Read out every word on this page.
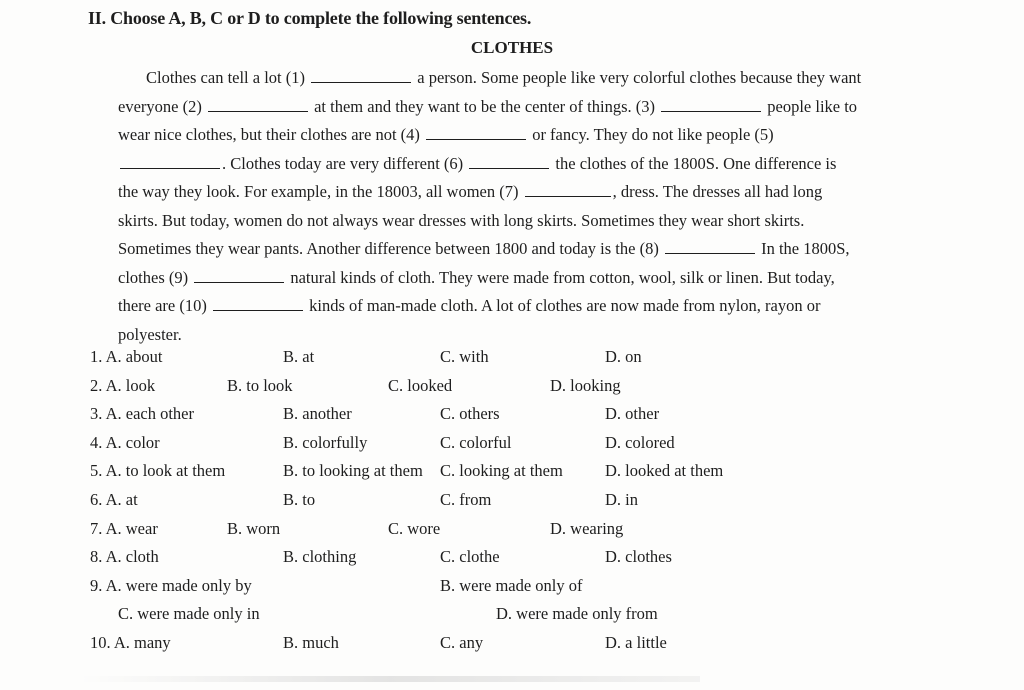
II. Choose A, B, C or D to complete the following sentences.
CLOTHES
Clothes can tell a lot (1)	a person. Some people like very colorful clothes because they want
everyone (2)	at them and they want to be the center of things. (3)	people like to
wear nice clothes, but their clothes are not (4)	or fancy. They do not like people (5)
. Clothes today are very different (6)	the clothes of the 1800S. One difference is
the way they look. For example, in the 18003, all women (7)	, dress. The dresses all had long
skirts. But today, women do not always wear dresses with long skirts. Sometimes they wear short skirts.
Sometimes they wear pants. Another difference between 1800 and today is the (8)	In the 1800S,
clothes (9)	natural kinds of cloth. They were made from cotton, wool, silk or linen. But today,
there are (10)	kinds of man-made cloth. A lot of clothes are now made from nylon, rayon or
polyester.
1. A. about	B. at	C. with	D. on
2. A. look	B. to look	C. looked	D. looking
3. A. each other	B. another	C. others	D. other
4. A. color	B. colorfully	C. colorful	D. colored
5. A. to look at them	B. to looking at them C. looking at them	D. looked at them
6. A. at	B. to	C. from	D. in
7. A. wear	B. worn	C. wore	D. wearing
8. A. cloth	B. clothing	C. clothe	D. clothes
9. A. were made only by	B. were made only of
C. were made only in	D. were made only from
10. A. many	B. much	C. any	D. a little
